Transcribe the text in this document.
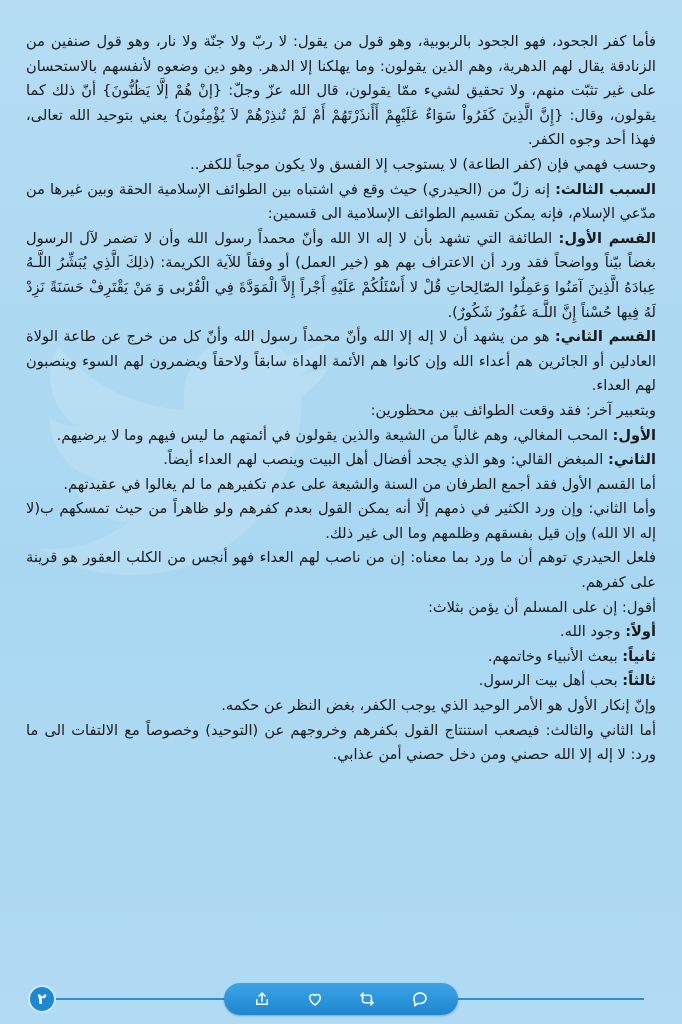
فأما كفر الجحود، فهو الجحود بالربوبية، وهو قول من يقول: لا ربّ ولا جنّة ولا نار، وهو قول صنفين من الزنادقة يقال لهم الدهرية، وهم الذين يقولون: وما يهلكنا إلا الدهر. وهو دين وضعوه لأنفسهم بالاستحسان على غير تثبّت منهم، ولا تحقيق لشيء ممّا يقولون، قال الله عزّ وجلّ: {إنْ هُمْ إلَّا يَظُنُّونَ} أنّ ذلك كما يقولون، وقال: {إِنَّ الَّذِينَ كَفَرُواْ سَوَاءٌ عَلَيْهِمْ أَأَنذَرْتَهُمْ أَمْ لَمْ تُنذِرْهُمْ لاَ يُؤْمِنُونَ} يعني بتوحيد الله تعالى، فهذا أحد وجوه الكفر.

وحسب فهمي فإن (كفر الطاعة) لا يستوجب إلا الفسق ولا يكون موجباً للكفر..

السبب الثالث: إنه زلّ من (الحيدري) حيث وقع في اشتباه بين الطوائف الإسلامية الحقة وبين غيرها من مدّعي الإسلام، فإنه يمكن تقسيم الطوائف الإسلامية الى قسمين:

القسم الأول: الطائفة التي تشهد بأن لا إله الا الله وأنّ محمداً رسول الله وأن لا تضمر لآل الرسول بغضاً بيّناً وواضحاً فقد ورد أن الاعتراف بهم هو (خير العمل) أو وفقاً للآية الكريمة: (ذلِكَ الَّذِي يُبَشِّرُ اللَّـهُ عِبادَهُ الَّذِينَ آمَنُوا وَعَمِلُوا الصّالِحاتِ قُلْ لا أَسْئَلُكُمْ عَلَيْهِ أَجْراً إِلاَّ الْمَوَدَّةَ فِي الْقُرْبى وَ مَنْ يَقْتَرِفْ حَسَنَةً نَزِدْ لَهُ فِيها حُسْناً إِنَّ اللَّـهَ غَفُورٌ شَكُورٌ).

القسم الثاني: هو من يشهد أن لا إله إلا الله وأنّ محمداً رسول الله وأنّ كل من خرج عن طاعة الولاة العادلين أو الجائرين هم أعداء الله وإن كانوا هم الأئمة الهداة سابقاً ولاحقاً ويضمرون لهم السوء وينصبون لهم العداء.

وبتعبير آخر: فقد وقعت الطوائف بين محظورين:

الأول: المحب المغالي، وهم غالباً من الشيعة والذين يقولون في أئمتهم ما ليس فيهم وما لا يرضيهم.

الثاني: المبغض القالي: وهو الذي يجحد أفضال أهل البيت وينصب لهم العداء أيضاً.

أما القسم الأول فقد أجمع الطرفان من السنة والشيعة على عدم تكفيرهم ما لم يغالوا في عقيدتهم.

وأما الثاني: وإن ورد الكثير في ذمهم إلّا أنه يمكن القول بعدم كفرهم ولو ظاهراً من حيث تمسكهم ب(لا إله الا الله) وإن قيل بفسقهم وظلمهم وما الى غير ذلك.

فلعل الحيدري توهم أن ما ورد بما معناه: إن من ناصب لهم العداء فهو أنجس من الكلب العقور هو قرينة على كفرهم.

أقول: إن على المسلم أن يؤمن بثلاث:

أولاً: وجود الله.

ثانياً: ببعث الأنبياء وخاتمهم.

ثالثاً: بحب أهل بيت الرسول.

وإنّ إنكار الأول هو الأمر الوحيد الذي يوجب الكفر، بغض النظر عن حكمه.

أما الثاني والثالث: فيصعب استنتاج القول بكفرهم وخروجهم عن (التوحيد) وخصوصاً مع الالتفات الى ما ورد: لا إله إلا الله حصني ومن دخل حصني أمن عذابي.

٢
